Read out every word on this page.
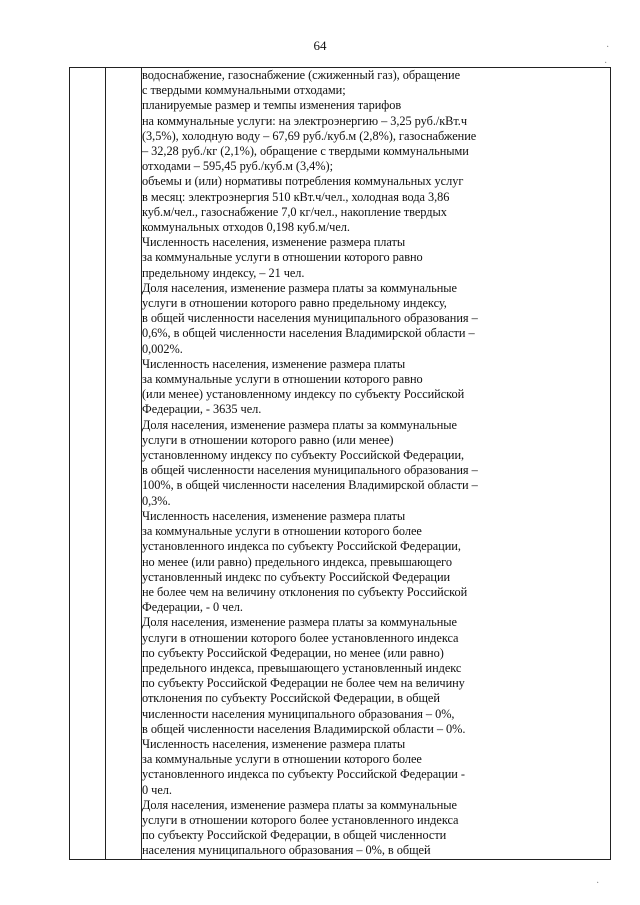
64

водоснабжение, газоснабжение (сжиженный газ), обращение
с твердыми коммунальными отходами;
планируемые размер и темпы изменения тарифов
на коммунальные услуги: на электроэнергию – 3,25 руб./кВт.ч
(3,5%), холодную воду – 67,69 руб./куб.м (2,8%), газоснабжение
– 32,28 руб./кг (2,1%), обращение с твердыми коммунальными
отходами – 595,45 руб./куб.м (3,4%);
объемы и (или) нормативы потребления коммунальных услуг
в месяц: электроэнергия 510 кВт.ч/чел., холодная вода 3,86
куб.м/чел., газоснабжение 7,0 кг/чел., накопление твердых
коммунальных отходов 0,198 куб.м/чел.
Численность населения, изменение размера платы
за коммунальные услуги в отношении которого равно
предельному индексу, – 21 чел.
Доля населения, изменение размера платы за коммунальные
услуги в отношении которого равно предельному индексу,
в общей численности населения муниципального образования –
0,6%, в общей численности населения Владимирской области –
0,002%.
Численность населения, изменение размера платы
за коммунальные услуги в отношении которого равно
(или менее) установленному индексу по субъекту Российской
Федерации, - 3635 чел.
Доля населения, изменение размера платы за коммунальные
услуги в отношении которого равно (или менее)
установленному индексу по субъекту Российской Федерации,
в общей численности населения муниципального образования –
100%, в общей численности населения Владимирской области –
0,3%.
Численность населения, изменение размера платы
за коммунальные услуги в отношении которого более
установленного индекса по субъекту Российской Федерации,
но менее (или равно) предельного индекса, превышающего
установленный индекс по субъекту Российской Федерации
не более чем на величину отклонения по субъекту Российской
Федерации, - 0 чел.
Доля населения, изменение размера платы за коммунальные
услуги в отношении которого более установленного индекса
по субъекту Российской Федерации, но менее (или равно)
предельного индекса, превышающего установленный индекс
по субъекту Российской Федерации не более чем на величину
отклонения по субъекту Российской Федерации, в общей
численности населения муниципального образования – 0%,
в общей численности населения Владимирской области – 0%.
Численность населения, изменение размера платы
за коммунальные услуги в отношении которого более
установленного индекса по субъекту Российской Федерации -
0 чел.
Доля населения, изменение размера платы за коммунальные
услуги в отношении которого более установленного индекса
по субъекту Российской Федерации, в общей численности
населения муниципального образования – 0%, в общей
·
·
·
